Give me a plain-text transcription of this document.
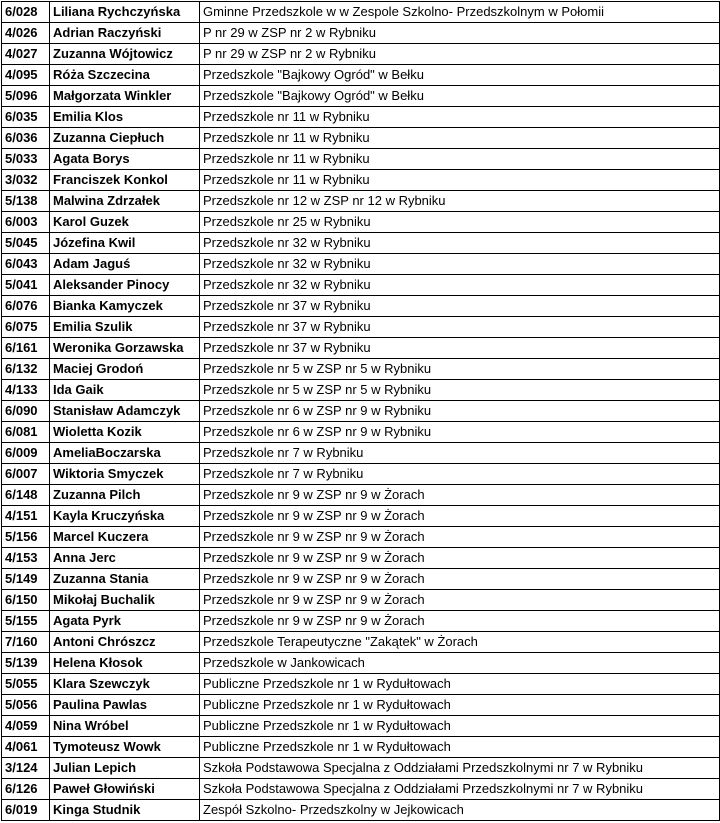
6/028	Liliana Rychczyńska	Gminne Przedszkole w w Zespole Szkolno- Przedszkolnym w Połomii
4/026	Adrian Raczyński	P nr 29 w ZSP nr 2 w Rybniku
4/027	Zuzanna Wójtowicz	P nr 29 w ZSP nr 2 w Rybniku
4/095	Róża Szczecina	Przedszkole "Bajkowy Ogród" w Bełku
5/096	Małgorzata Winkler	Przedszkole "Bajkowy Ogród" w Bełku
6/035	Emilia Klos	Przedszkole nr 11 w Rybniku
6/036	Zuzanna Ciepłuch	Przedszkole nr 11 w Rybniku
5/033	Agata Borys	Przedszkole nr 11 w Rybniku
3/032	Franciszek Konkol	Przedszkole nr 11 w Rybniku
5/138	Malwina Zdrzałek	Przedszkole nr 12 w ZSP nr 12 w Rybniku
6/003	Karol Guzek	Przedszkole nr 25 w Rybniku
5/045	Józefina Kwil	Przedszkole nr 32 w Rybniku
6/043	Adam Jaguś	Przedszkole nr 32 w Rybniku
5/041	Aleksander Pinocy	Przedszkole nr 32 w Rybniku
6/076	Bianka Kamyczek	Przedszkole nr 37 w Rybniku
6/075	Emilia Szulik	Przedszkole nr 37 w Rybniku
6/161	Weronika Gorzawska	Przedszkole nr 37 w Rybniku
6/132	Maciej Grodoń	Przedszkole nr 5 w ZSP nr 5 w Rybniku
4/133	Ida Gaik	Przedszkole nr 5 w ZSP nr 5 w Rybniku
6/090	Stanisław Adamczyk	Przedszkole nr 6 w ZSP nr 9 w Rybniku
6/081	Wioletta Kozik	Przedszkole nr 6 w ZSP nr 9 w Rybniku
6/009	AmeliaBoczarska	Przedszkole nr 7 w Rybniku
6/007	Wiktoria Smyczek	Przedszkole nr 7 w Rybniku
6/148	Zuzanna Pilch	Przedszkole nr 9 w ZSP nr 9 w Żorach
4/151	Kayla Kruczyńska	Przedszkole nr 9 w ZSP nr 9 w Żorach
5/156	Marcel Kuczera	Przedszkole nr 9 w ZSP nr 9 w Żorach
4/153	Anna Jerc	Przedszkole nr 9 w ZSP nr 9 w Żorach
5/149	Zuzanna Stania	Przedszkole nr 9 w ZSP nr 9 w Żorach
6/150	Mikołaj Buchalik	Przedszkole nr 9 w ZSP nr 9 w Żorach
5/155	Agata Pyrk	Przedszkole nr 9 w ZSP nr 9 w Żorach
7/160	Antoni Chrószcz	Przedszkole Terapeutyczne "Zakątek" w Żorach
5/139	Helena Kłosok	Przedszkole w Jankowicach
5/055	Klara Szewczyk	Publiczne Przedszkole nr 1 w Rydułtowach
5/056	Paulina Pawlas	Publiczne Przedszkole nr 1 w Rydułtowach
4/059	Nina Wróbel	Publiczne Przedszkole nr 1 w Rydułtowach
4/061	Tymoteusz Wowk	Publiczne Przedszkole nr 1 w Rydułtowach
3/124	Julian Lepich	Szkoła Podstawowa Specjalna z Oddziałami Przedszkolnymi nr 7 w Rybniku
6/126	Paweł Głowiński	Szkoła Podstawowa Specjalna z Oddziałami Przedszkolnymi nr 7 w Rybniku
6/019	Kinga Studnik	Zespół Szkolno- Przedszkolny w Jejkowicach
